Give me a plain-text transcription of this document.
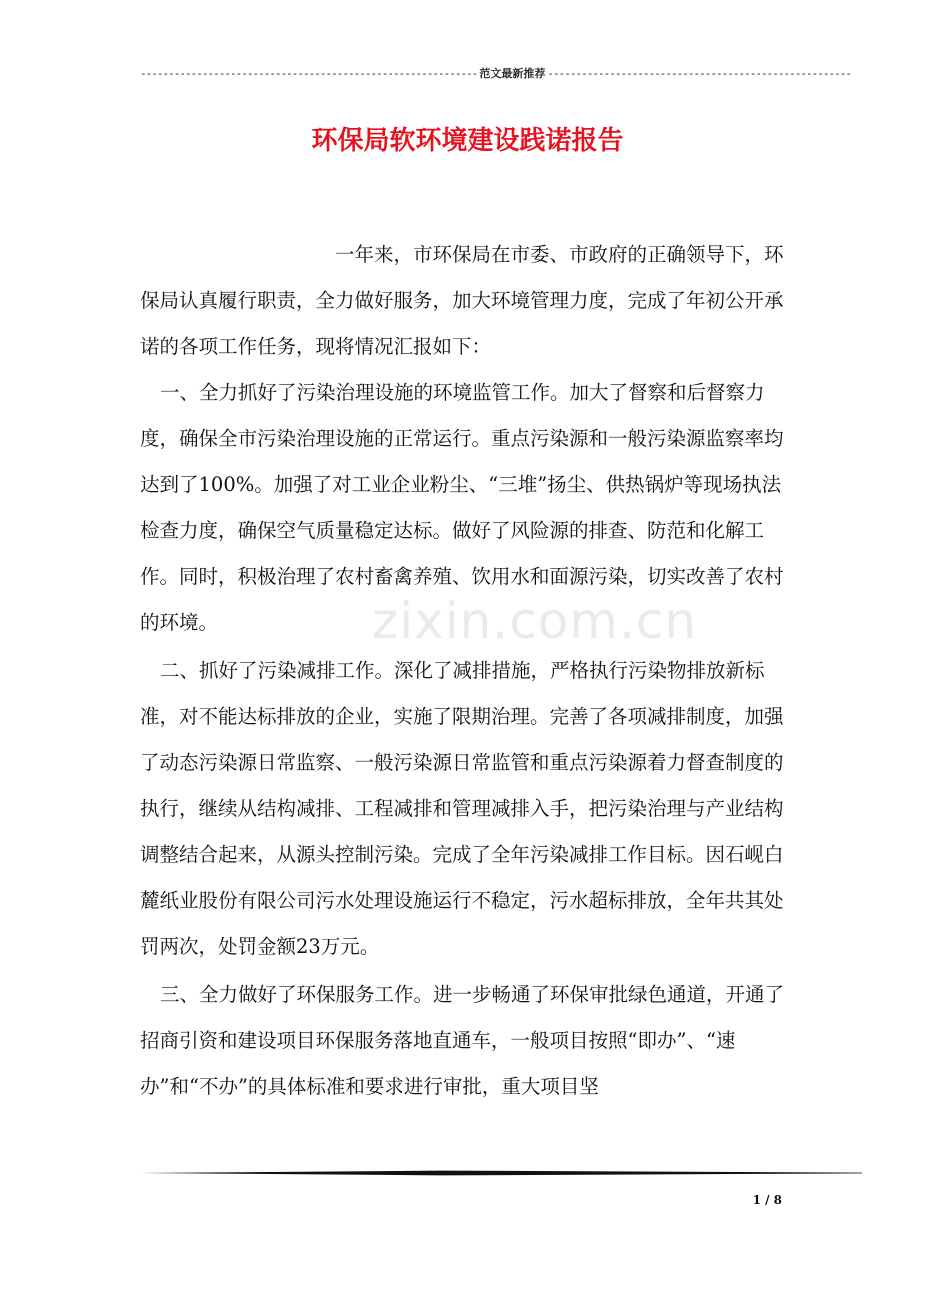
------------------------------------------------------------ 范文最新推荐 ------------------------------------------------------
环保局软环境建设践诺报告

一年来，市环保局在市委、市政府的正确领导下，环保局认真履行职责，全力做好服务，加大环境管理力度，完成了年初公开承诺的各项工作任务，现将情况汇报如下：

一、全力抓好了污染治理设施的环境监管工作。加大了督察和后督察力度，确保全市污染治理设施的正常运行。重点污染源和一般污染源监察率均达到了100%。加强了对工业企业粉尘、“三堆”扬尘、供热锅炉等现场执法检查力度，确保空气质量稳定达标。做好了风险源的排查、防范和化解工作。同时，积极治理了农村畜禽养殖、饮用水和面源污染，切实改善了农村的环境。

二、抓好了污染减排工作。深化了减排措施，严格执行污染物排放新标准，对不能达标排放的企业，实施了限期治理。完善了各项减排制度，加强了动态污染源日常监察、一般污染源日常监管和重点污染源着力督查制度的执行，继续从结构减排、工程减排和管理减排入手，把污染治理与产业结构调整结合起来，从源头控制污染。完成了全年污染减排工作目标。因石岘白麓纸业股份有限公司污水处理设施运行不稳定，污水超标排放，全年共其处罚两次，处罚金额23万元。

三、全力做好了环保服务工作。进一步畅通了环保审批绿色通道，开通了招商引资和建设项目环保服务落地直通车，一般项目按照“即办”、“速办”和“不办”的具体标准和要求进行审批，重大项目坚

zixin.com.cn
1 / 8
